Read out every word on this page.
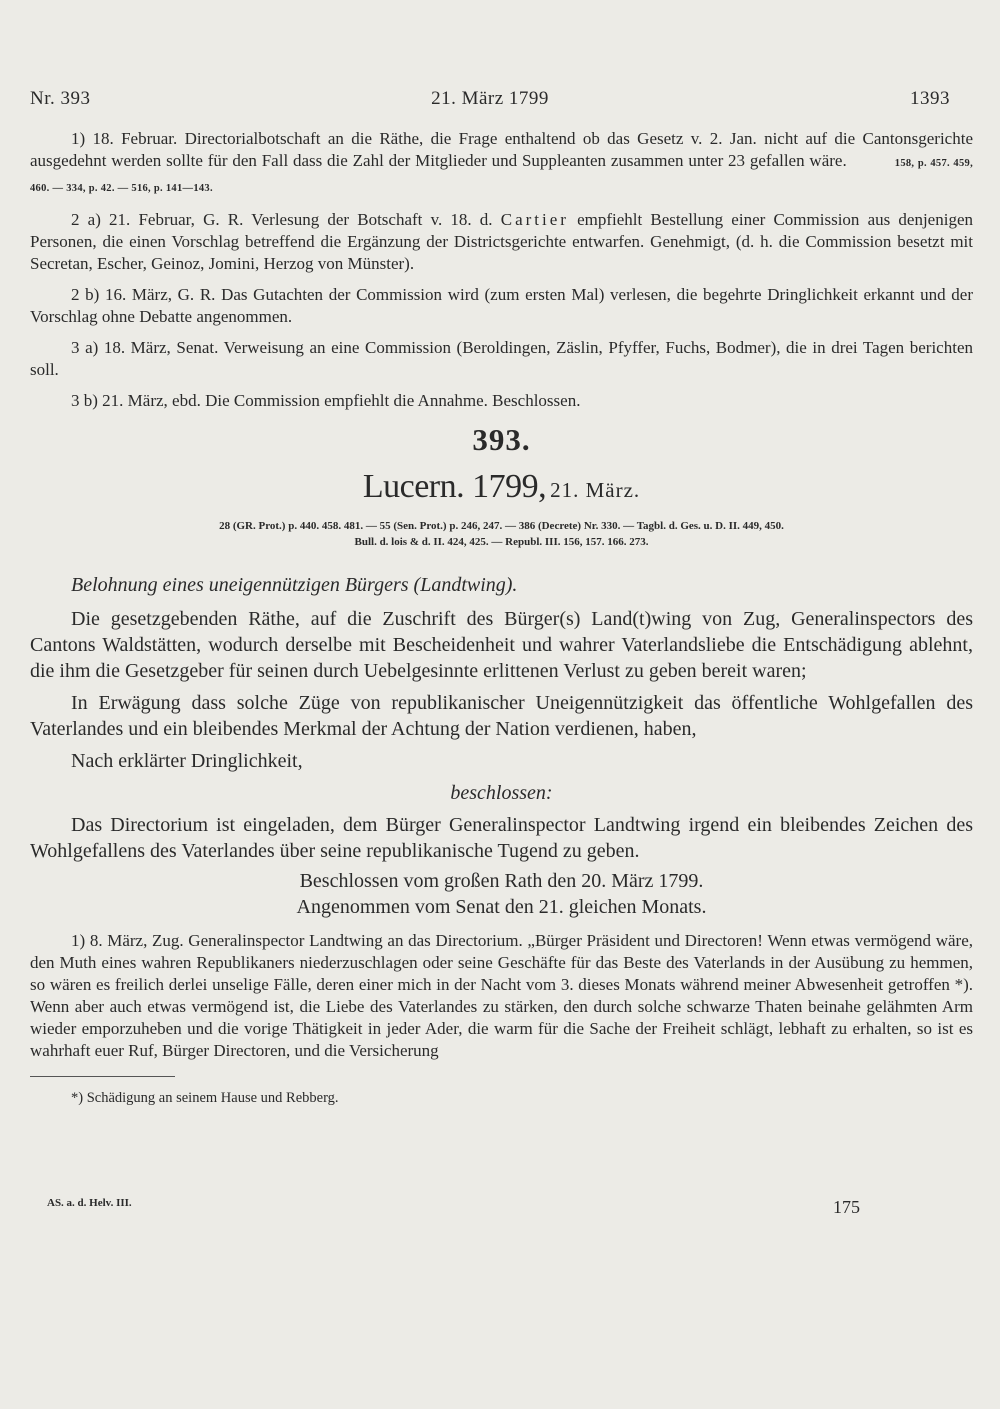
Nr. 393	21. März 1799	1393

1) 18. Februar. Directorialbotschaft an die Räthe, die Frage enthaltend ob das Gesetz v. 2. Jan. nicht auf die Cantonsgerichte ausgedehnt werden sollte für den Fall dass die Zahl der Mitglieder und Suppleanten zusammen unter 23 gefallen wäre.	158, p. 457. 459, 460. — 334, p. 42. — 516, p. 141—143.

2 a) 21. Februar, G. R. Verlesung der Botschaft v. 18. d. Cartier empfiehlt Bestellung einer Commission aus denjenigen Personen, die einen Vorschlag betreffend die Ergänzung der Districtsgerichte entwarfen. Genehmigt, (d. h. die Commission besetzt mit Secretan, Escher, Geinoz, Jomini, Herzog von Münster).

2 b) 16. März, G. R. Das Gutachten der Commission wird (zum ersten Mal) verlesen, die begehrte Dringlichkeit erkannt und der Vorschlag ohne Debatte angenommen.

3 a) 18. März, Senat. Verweisung an eine Commission (Beroldingen, Zäslin, Pfyffer, Fuchs, Bodmer), die in drei Tagen berichten soll.

3 b) 21. März, ebd. Die Commission empfiehlt die Annahme. Beschlossen.

393.
Lucern. 1799, 21. März.
28 (GR. Prot.) p. 440. 458. 481. — 55 (Sen. Prot.) p. 246, 247. — 386 (Decrete) Nr. 330. — Tagbl. d. Ges. u. D. II. 449, 450.
Bull. d. lois & d. II. 424, 425. — Republ. III. 156, 157. 166. 273.
Belohnung eines uneigennützigen Bürgers (Landtwing).

Die gesetzgebenden Räthe, auf die Zuschrift des Bürger(s) Land(t)wing von Zug, Generalinspectors des Cantons Waldstätten, wodurch derselbe mit Bescheidenheit und wahrer Vaterlandsliebe die Entschädigung ablehnt, die ihm die Gesetzgeber für seinen durch Uebelgesinnte erlittenen Verlust zu geben bereit waren;

In Erwägung dass solche Züge von republikanischer Uneigennützigkeit das öffentliche Wohlgefallen des Vaterlandes und ein bleibendes Merkmal der Achtung der Nation verdienen, haben,

Nach erklärter Dringlichkeit,

beschlossen:

Das Directorium ist eingeladen, dem Bürger Generalinspector Landtwing irgend ein bleibendes Zeichen des Wohlgefallens des Vaterlandes über seine republikanische Tugend zu geben.

Beschlossen vom großen Rath den 20. März 1799.

Angenommen vom Senat den 21. gleichen Monats.

1) 8. März, Zug. Generalinspector Landtwing an das Directorium. „Bürger Präsident und Directoren! Wenn etwas vermögend wäre, den Muth eines wahren Republikaners niederzuschlagen oder seine Geschäfte für das Beste des Vaterlands in der Ausübung zu hemmen, so wären es freilich derlei unselige Fälle, deren einer mich in der Nacht vom 3. dieses Monats während meiner Abwesenheit getroffen *). Wenn aber auch etwas vermögend ist, die Liebe des Vaterlandes zu stärken, den durch solche schwarze Thaten beinahe gelähmten Arm wieder emporzuheben und die vorige Thätigkeit in jeder Ader, die warm für die Sache der Freiheit schlägt, lebhaft zu erhalten, so ist es wahrhaft euer Ruf, Bürger Directoren, und die Versicherung

*) Schädigung an seinem Hause und Rebberg.
AS. a. d. Helv. III.	175
